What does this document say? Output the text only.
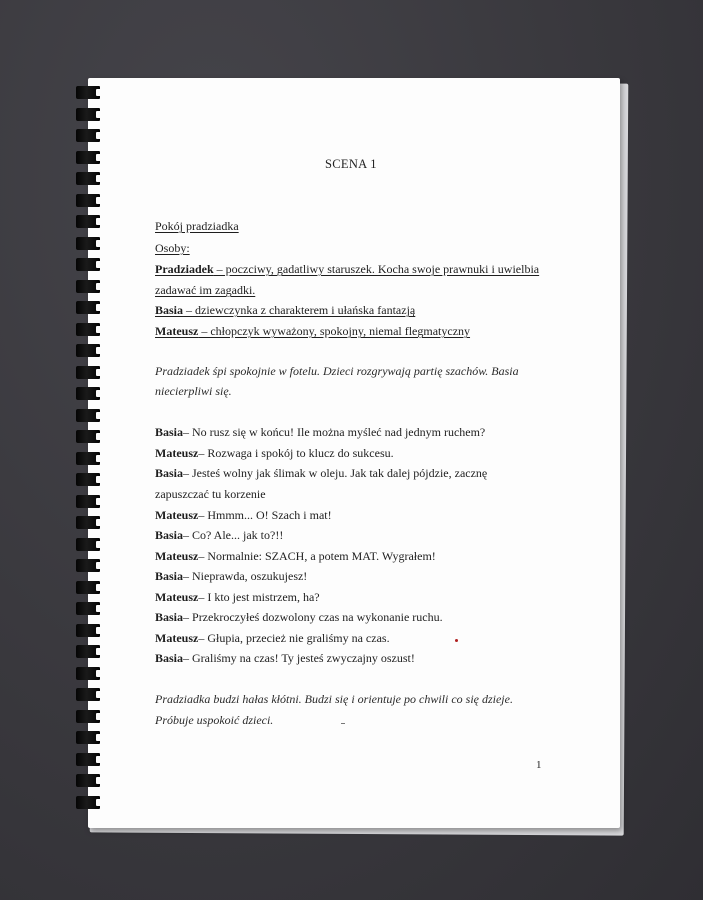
SCENA 1
Pokój pradziadka
Osoby:
Pradziadek – poczciwy, gadatliwy staruszek. Kocha swoje prawnuki i uwielbia
zadawać im zagadki.
Basia – dziewczynka z charakterem i ułańska fantazją
Mateusz – chłopczyk wyważony, spokojny, niemal flegmatyczny
Pradziadek śpi spokojnie w fotelu. Dzieci rozgrywają partię szachów. Basia
niecierpliwi się.
Basia– No rusz się w końcu! Ile można myśleć nad jednym ruchem?
Mateusz– Rozwaga i spokój to klucz do sukcesu.
Basia– Jesteś wolny jak ślimak w oleju. Jak tak dalej pójdzie, zacznę
zapuszczać tu korzenie
Mateusz– Hmmm... O! Szach i mat!
Basia– Co? Ale... jak to?!!
Mateusz– Normalnie: SZACH, a potem MAT. Wygrałem!
Basia– Nieprawda, oszukujesz!
Mateusz– I kto jest mistrzem, ha?
Basia– Przekroczyłeś dozwolony czas na wykonanie ruchu.
Mateusz– Głupia, przecież nie graliśmy na czas.
Basia– Graliśmy na czas! Ty jesteś zwyczajny oszust!
Pradziadka budzi hałas kłótni. Budzi się i orientuje po chwili co się dzieje.
Próbuje uspokoić dzieci.
1
